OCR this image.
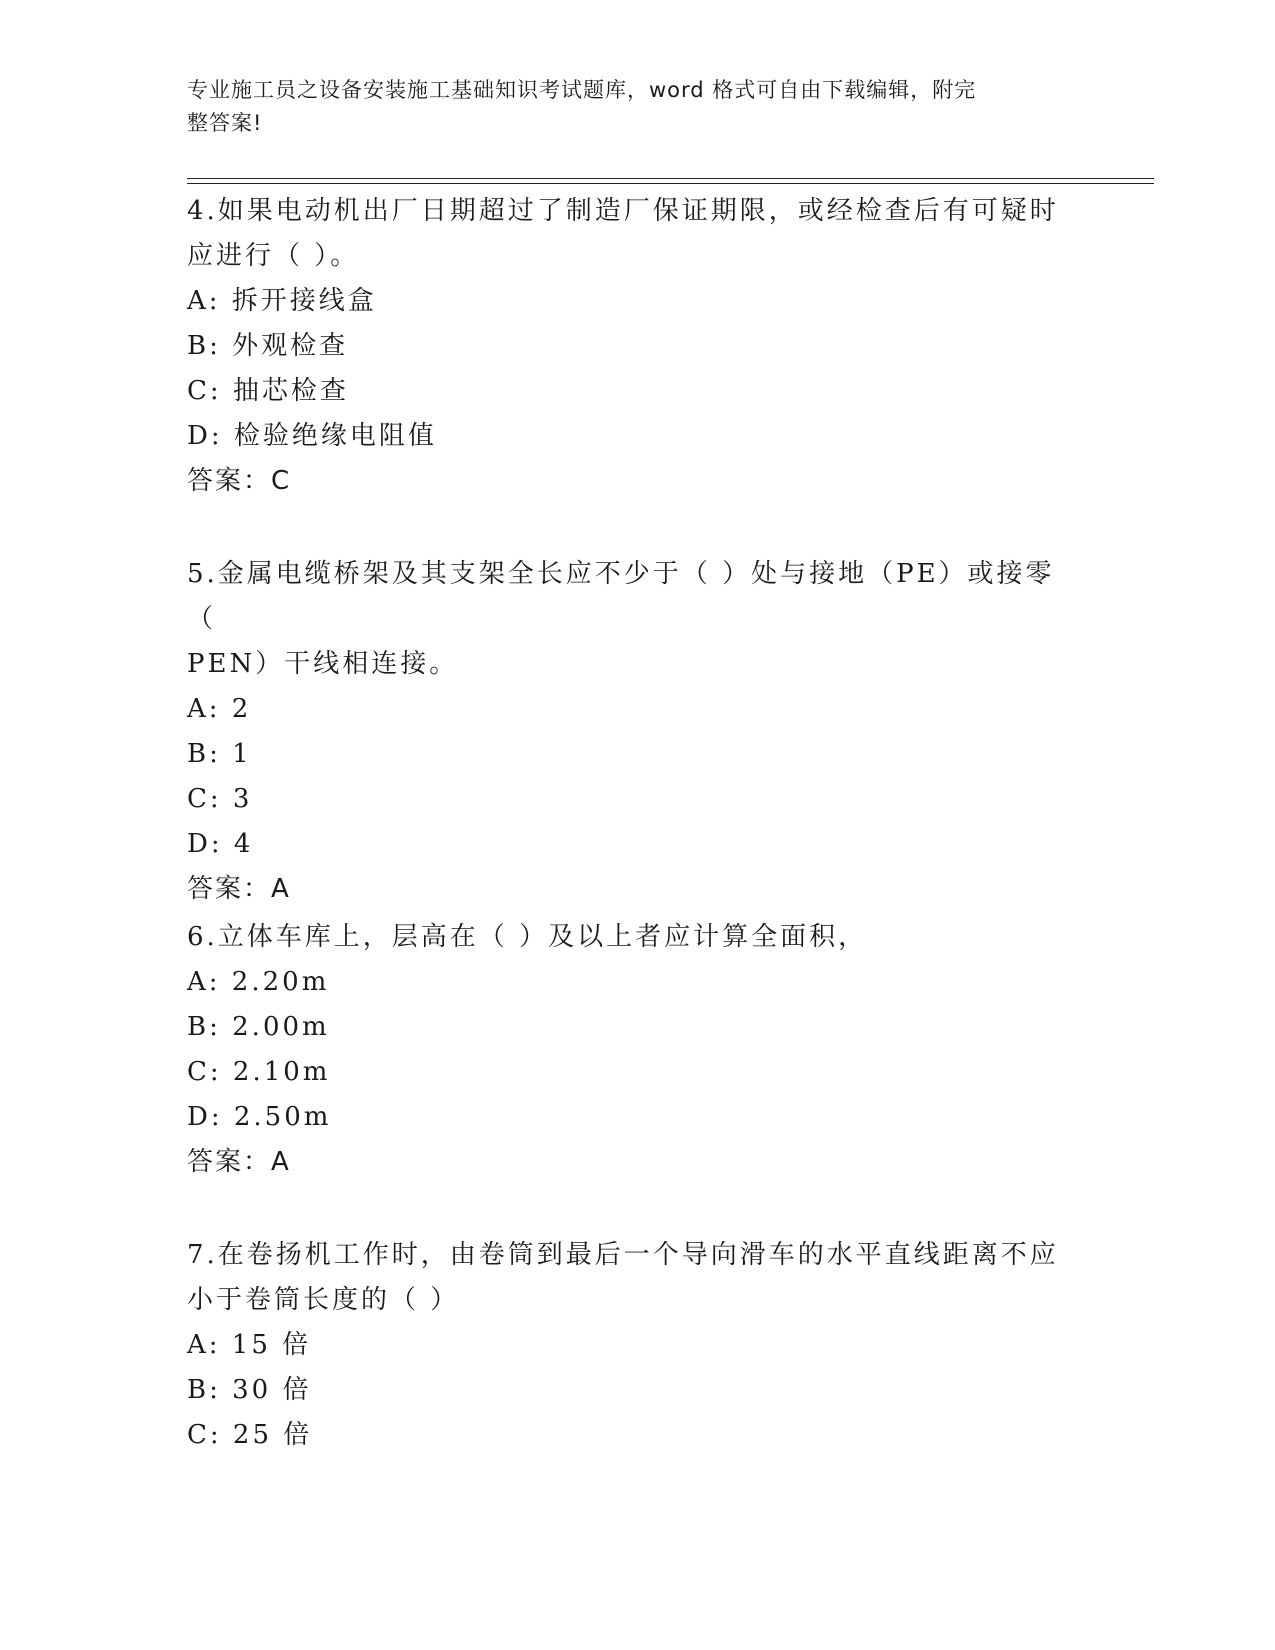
专业施工员之设备安装施工基础知识考试题库，word 格式可自由下载编辑，附完
整答案!

4.如果电动机出厂日期超过了制造厂保证期限，或经检查后有可疑时

应进行（ ）。

A: 拆开接线盒

B: 外观检查

C: 抽芯检查

D: 检验绝缘电阻值

答案：C

5.金属电缆桥架及其支架全长应不少于（ ）处与接地（PE）或接零（

PEN）干线相连接。

A: 2

B: 1

C: 3

D: 4

答案：A

6.立体车库上，层高在（ ）及以上者应计算全面积，

A: 2.20m

B: 2.00m

C: 2.10m

D: 2.50m

答案：A

7.在卷扬机工作时，由卷筒到最后一个导向滑车的水平直线距离不应

小于卷筒长度的（ ）

A: 15 倍

B: 30 倍

C: 25 倍
